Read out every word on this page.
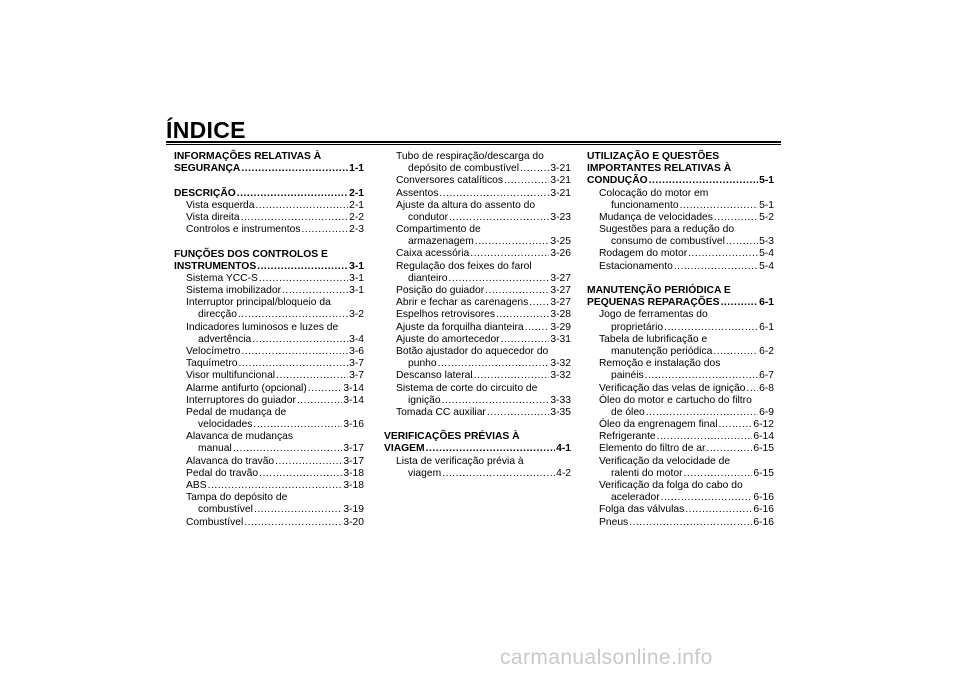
ÍNDICE
INFORMAÇÕES RELATIVAS À
SEGURANÇA .....	1-1
DESCRIÇÃO .....	2-1
Vista esquerda .....	2-1
Vista direita .....	2-2
Controlos e instrumentos .....	2-3
FUNÇÕES DOS CONTROLOS E
INSTRUMENTOS .....	3-1
Sistema YCC-S .....	3-1
Sistema imobilizador .....	3-1
Interruptor principal/bloqueio da
direcção .....	3-2
Indicadores luminosos e luzes de
advertência .....	3-4
Velocímetro .....	3-6
Taquímetro .....	3-7
Visor multifuncional .....	3-7
Alarme antifurto (opcional) .....	3-14
Interruptores do guiador .....	3-14
Pedal de mudança de
velocidades .....	3-16
Alavanca de mudanças
manual .....	3-17
Alavanca do travão .....	3-17
Pedal do travão .....	3-18
ABS .....	3-18
Tampa do depósito de
combustível .....	3-19
Combustível .....	3-20
Tubo de respiração/descarga do
depósito de combustível .....	3-21
Conversores catalíticos .....	3-21
Assentos .....	3-21
Ajuste da altura do assento do
condutor .....	3-23
Compartimento de
armazenagem .....	3-25
Caixa acessória .....	3-26
Regulação dos feixes do farol
dianteiro .....	3-27
Posição do guiador .....	3-27
Abrir e fechar as carenagens ..... 3-27
Espelhos retrovisores .....	3-28
Ajuste da forquilha dianteira .....	3-29
Ajuste do amortecedor .....	3-31
Botão ajustador do aquecedor do
punho .....	3-32
Descanso lateral .....	3-32
Sistema de corte do circuito de
ignição .....	3-33
Tomada CC auxiliar .....	3-35
VERIFICAÇÕES PRÉVIAS À
VIAGEM .....	4-1
Lista de verificação prévia à
viagem .....	4-2
UTILIZAÇÃO E QUESTÕES
IMPORTANTES RELATIVAS À
CONDUÇÃO .....	5-1
Colocação do motor em
funcionamento .....	5-1
Mudança de velocidades .....	5-2
Sugestões para a redução do
consumo de combustível .....	5-3
Rodagem do motor .....	5-4
Estacionamento .....	5-4
MANUTENÇÃO PERIÓDICA E
PEQUENAS REPARAÇÕES .....	6-1
Jogo de ferramentas do
proprietário .....	6-1
Tabela de lubrificação e
manutenção periódica .....	6-2
Remoção e instalação dos
painéis .....	6-7
Verificação das velas de ignição ..... 6-8
Óleo do motor e cartucho do filtro
de óleo .....	6-9
Óleo da engrenagem final .....	6-12
Refrigerante .....	6-14
Elemento do filtro de ar .....	6-15
Verificação da velocidade de
ralenti do motor .....	6-15
Verificação da folga do cabo do
acelerador .....	6-16
Folga das válvulas .....	6-16
Pneus .....	6-16
carmanualsonline.info
